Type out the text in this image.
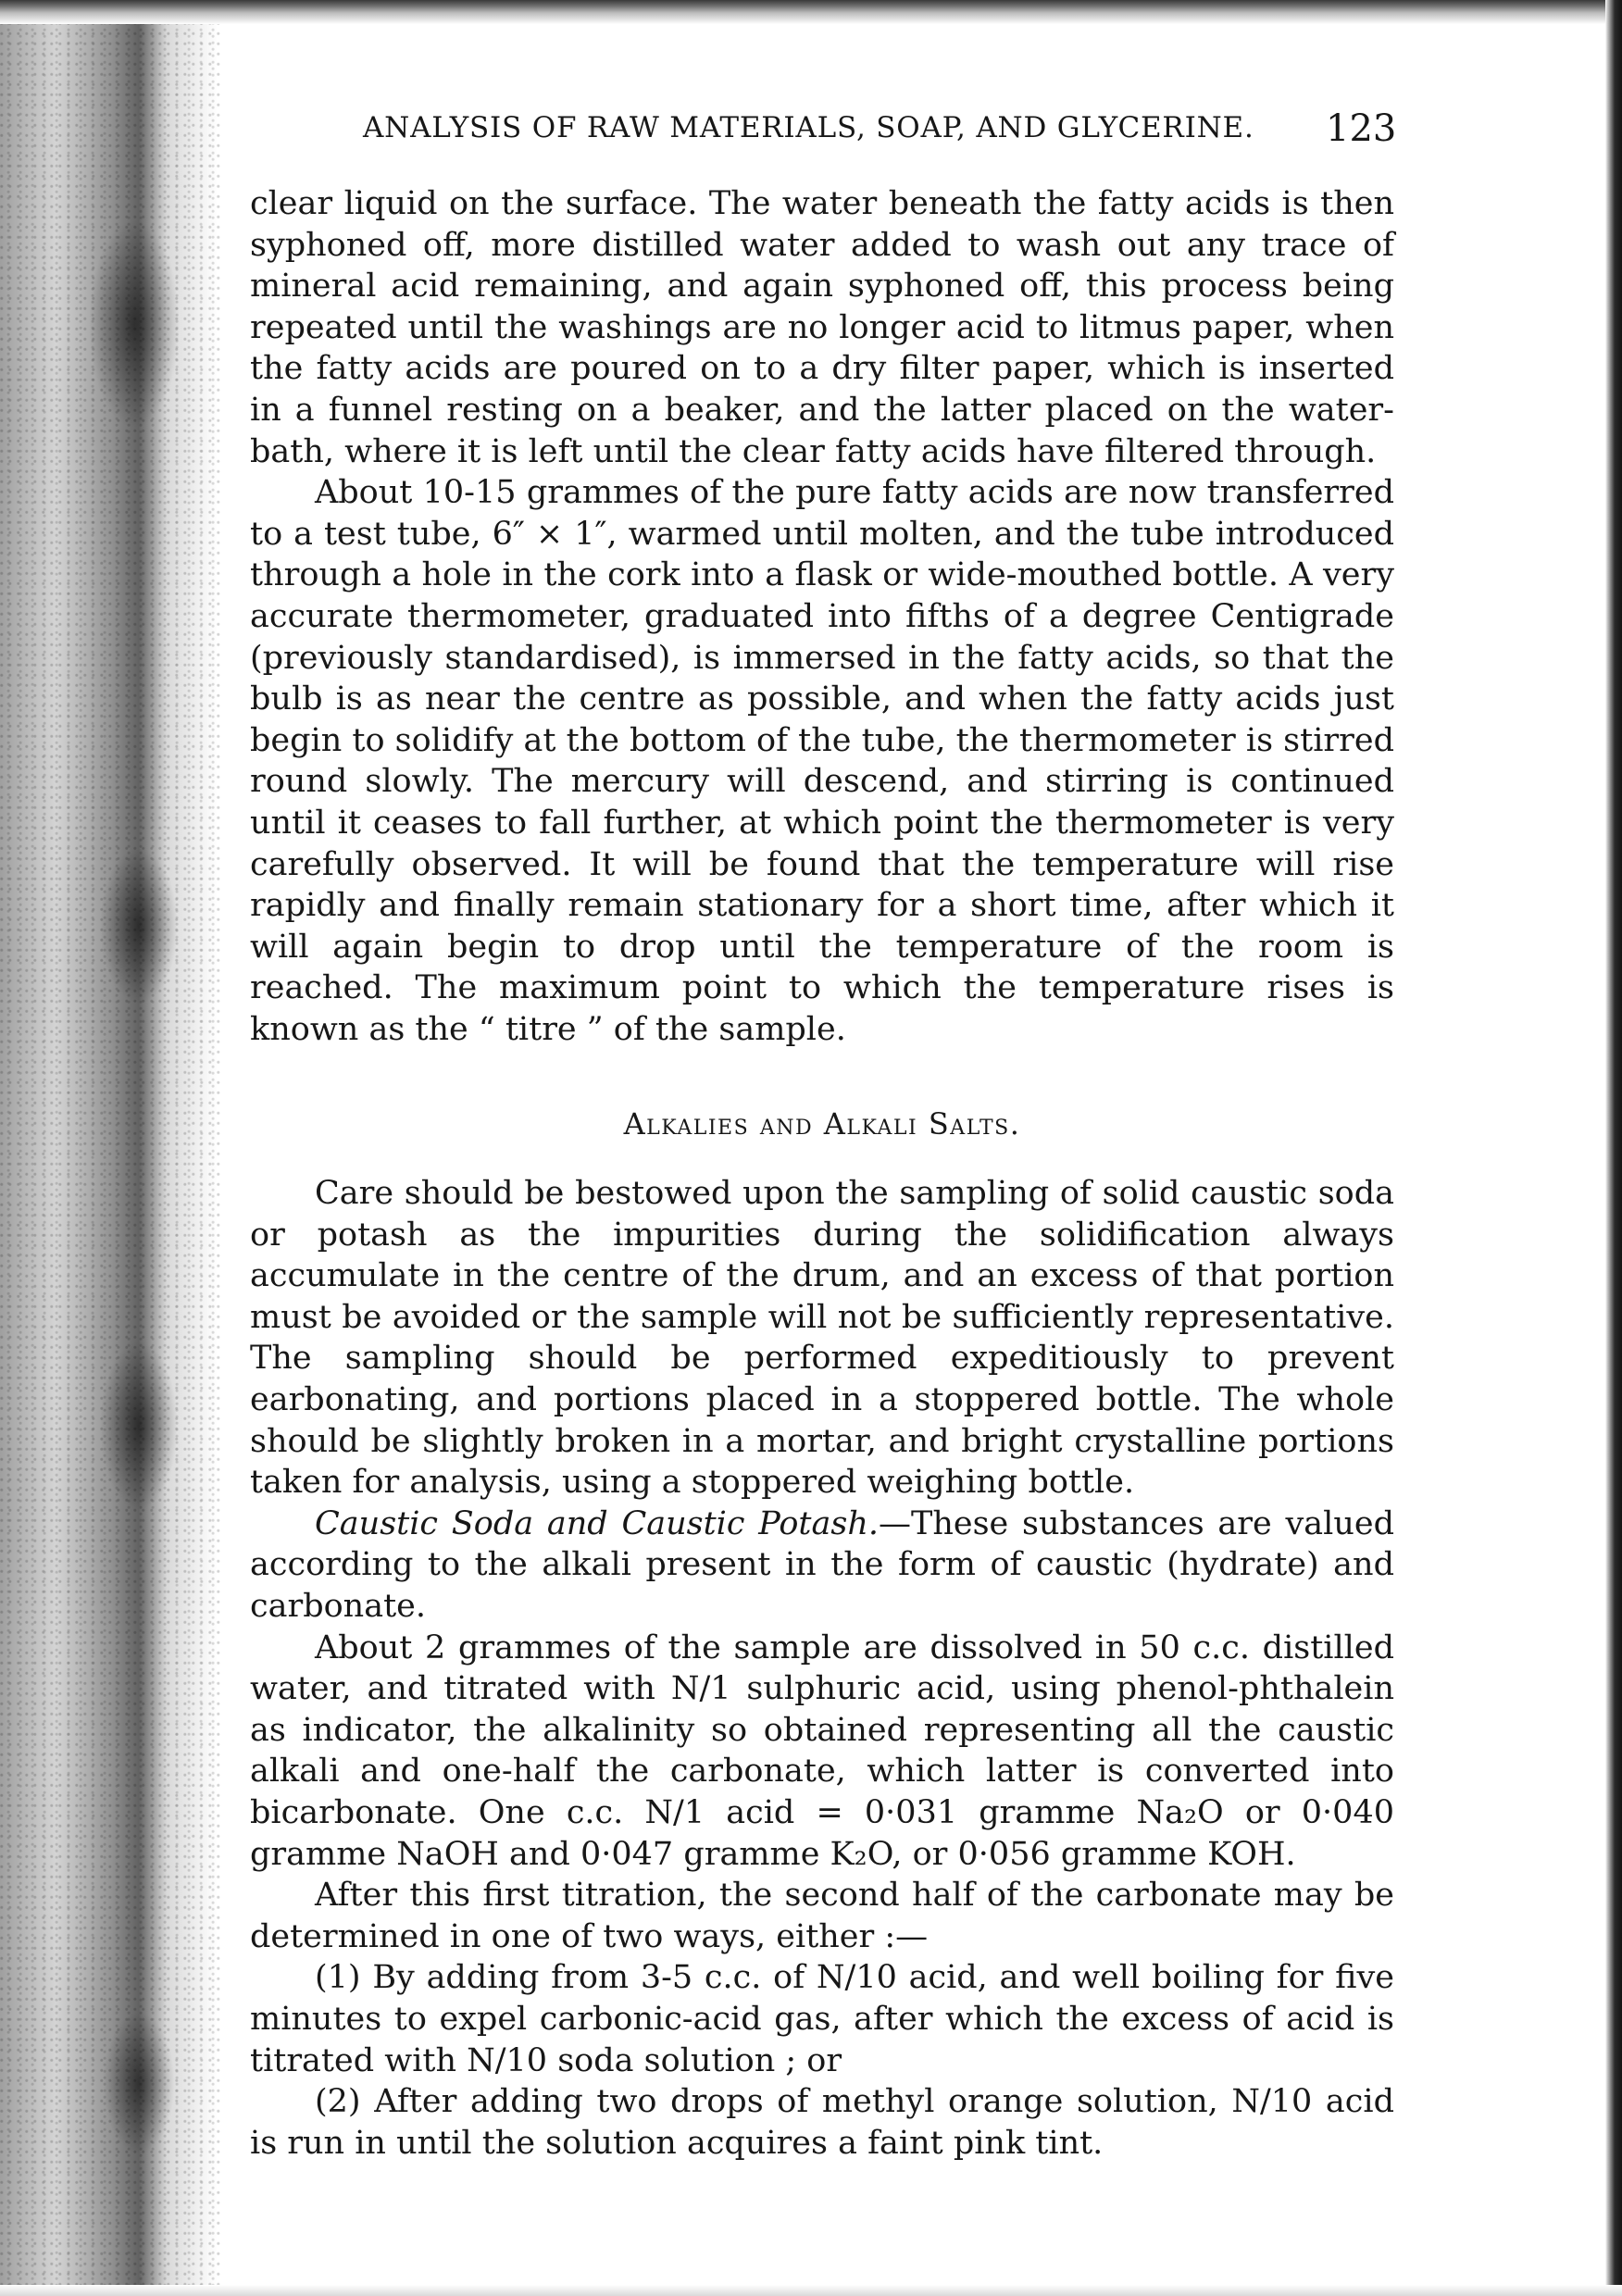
ANALYSIS OF RAW MATERIALS, SOAP, AND GLYCERINE. 123

clear liquid on the surface. The water beneath the fatty acids is then syphoned off, more distilled water added to wash out any trace of mineral acid remaining, and again syphoned off, this process being repeated until the washings are no longer acid to litmus paper, when the fatty acids are poured on to a dry filter paper, which is inserted in a funnel resting on a beaker, and the latter placed on the water-bath, where it is left until the clear fatty acids have filtered through.

About 10-15 grammes of the pure fatty acids are now transferred to a test tube, 6″ × 1″, warmed until molten, and the tube introduced through a hole in the cork into a flask or wide-mouthed bottle. A very accurate thermometer, graduated into fifths of a degree Centigrade (previously standardised), is immersed in the fatty acids, so that the bulb is as near the centre as possible, and when the fatty acids just begin to solidify at the bottom of the tube, the thermometer is stirred round slowly. The mercury will descend, and stirring is continued until it ceases to fall further, at which point the thermometer is very carefully observed. It will be found that the temperature will rise rapidly and finally remain stationary for a short time, after which it will again begin to drop until the temperature of the room is reached. The maximum point to which the temperature rises is known as the “ titre ” of the sample.

Alkalies and Alkali Salts.

Care should be bestowed upon the sampling of solid caustic soda or potash as the impurities during the solidification always accumulate in the centre of the drum, and an excess of that portion must be avoided or the sample will not be sufficiently representative. The sampling should be performed expeditiously to prevent earbonating, and portions placed in a stoppered bottle. The whole should be slightly broken in a mortar, and bright crystalline portions taken for analysis, using a stoppered weighing bottle.

Caustic Soda and Caustic Potash.—These substances are valued according to the alkali present in the form of caustic (hydrate) and carbonate.

About 2 grammes of the sample are dissolved in 50 c.c. distilled water, and titrated with N/1 sulphuric acid, using phenol-phthalein as indicator, the alkalinity so obtained representing all the caustic alkali and one-half the carbonate, which latter is converted into bicarbonate. One c.c. N/1 acid = 0·031 gramme Na₂O or 0·040 gramme NaOH and 0·047 gramme K₂O, or 0·056 gramme KOH.

After this first titration, the second half of the carbonate may be determined in one of two ways, either :—

(1) By adding from 3-5 c.c. of N/10 acid, and well boiling for five minutes to expel carbonic-acid gas, after which the excess of acid is titrated with N/10 soda solution ; or

(2) After adding two drops of methyl orange solution, N/10 acid is run in until the solution acquires a faint pink tint.
